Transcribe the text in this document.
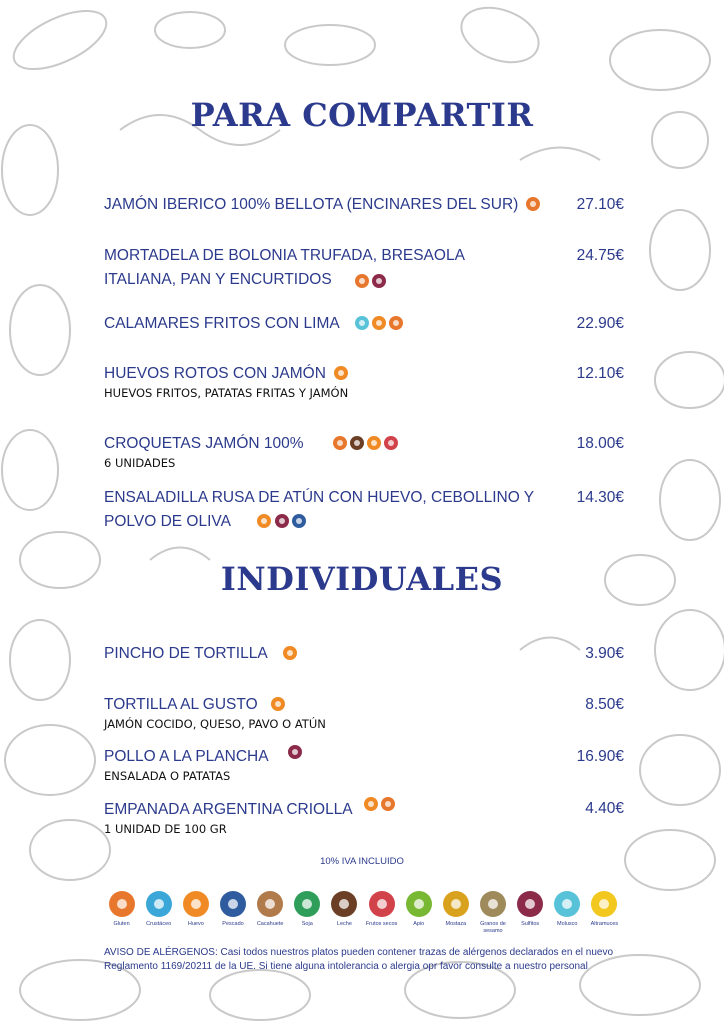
PARA COMPARTIR
JAMÓN IBERICO 100% BELLOTA (ENCINARES DEL SUR)	27.10€
MORTADELA DE BOLONIA TRUFADA, BRESAOLA ITALIANA, PAN Y ENCURTIDOS
24.75€
CALAMARES FRITOS CON LIMA	22.90€
HUEVOS ROTOS CON JAMÓN
HUEVOS FRITOS, PATATAS FRITAS Y JAMÓN
12.10€
CROQUETAS JAMÓN 100%
6 UNIDADES
18.00€
ENSALADILLA RUSA DE ATÚN CON HUEVO, CEBOLLINO Y POLVO DE OLIVA
14.30€
INDIVIDUALES
PINCHO DE TORTILLA	3.90€
TORTILLA AL GUSTO
JAMÓN COCIDO, QUESO, PAVO O ATÚN
8.50€
POLLO A LA PLANCHA
ENSALADA O PATATAS
16.90€
EMPANADA ARGENTINA CRIOLLA
1 UNIDAD DE 100 GR
4.40€
10% IVA INCLUIDO
Gluten	Crustáceo	Huevo	Pescado	Cacahuete	Soja	Leche	Frutos secos	Apio	Mostaza	Granos de sesamo
Sulfitos	Molusco	Altramuces
AVISO DE ALÉRGENOS: Casi todos nuestros platos pueden contener trazas de alérgenos declarados en el nuevo Reglamento 1169/20211 de la UE. Si tiene alguna intolerancia o alergia opr favor consulte a nuestro personal
